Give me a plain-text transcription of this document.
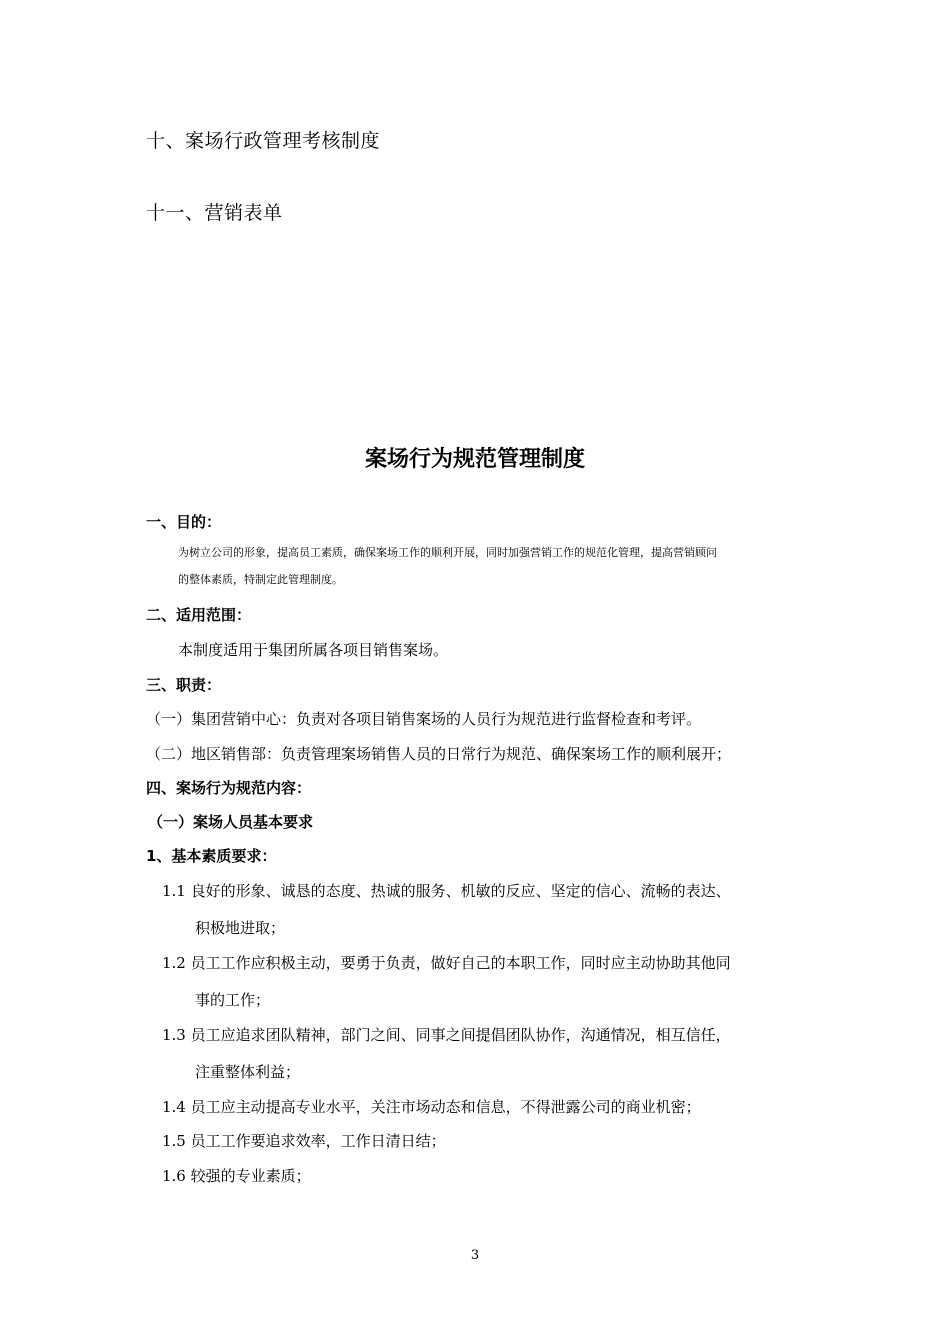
十、案场行政管理考核制度
十一、营销表单
案场行为规范管理制度
一、目的：
为树立公司的形象，提高员工素质，确保案场工作的顺利开展，同时加强营销工作的规范化管理，提高营销顾问
的整体素质，特制定此管理制度。
二、适用范围：
本制度适用于集团所属各项目销售案场。
三、职责：
（一）集团营销中心：负责对各项目销售案场的人员行为规范进行监督检查和考评。
（二）地区销售部：负责管理案场销售人员的日常行为规范、确保案场工作的顺利展开；
四、案场行为规范内容：
（一）案场人员基本要求
1、基本素质要求：
1.1 良好的形象、诚恳的态度、热诚的服务、机敏的反应、坚定的信心、流畅的表达、
积极地进取；
1.2 员工工作应积极主动，要勇于负责，做好自己的本职工作，同时应主动协助其他同
事的工作；
1.3 员工应追求团队精神，部门之间、同事之间提倡团队协作，沟通情况，相互信任，
注重整体利益；
1.4 员工应主动提高专业水平，关注市场动态和信息，不得泄露公司的商业机密；
1.5 员工工作要追求效率，工作日清日结；
1.6 较强的专业素质；
3
